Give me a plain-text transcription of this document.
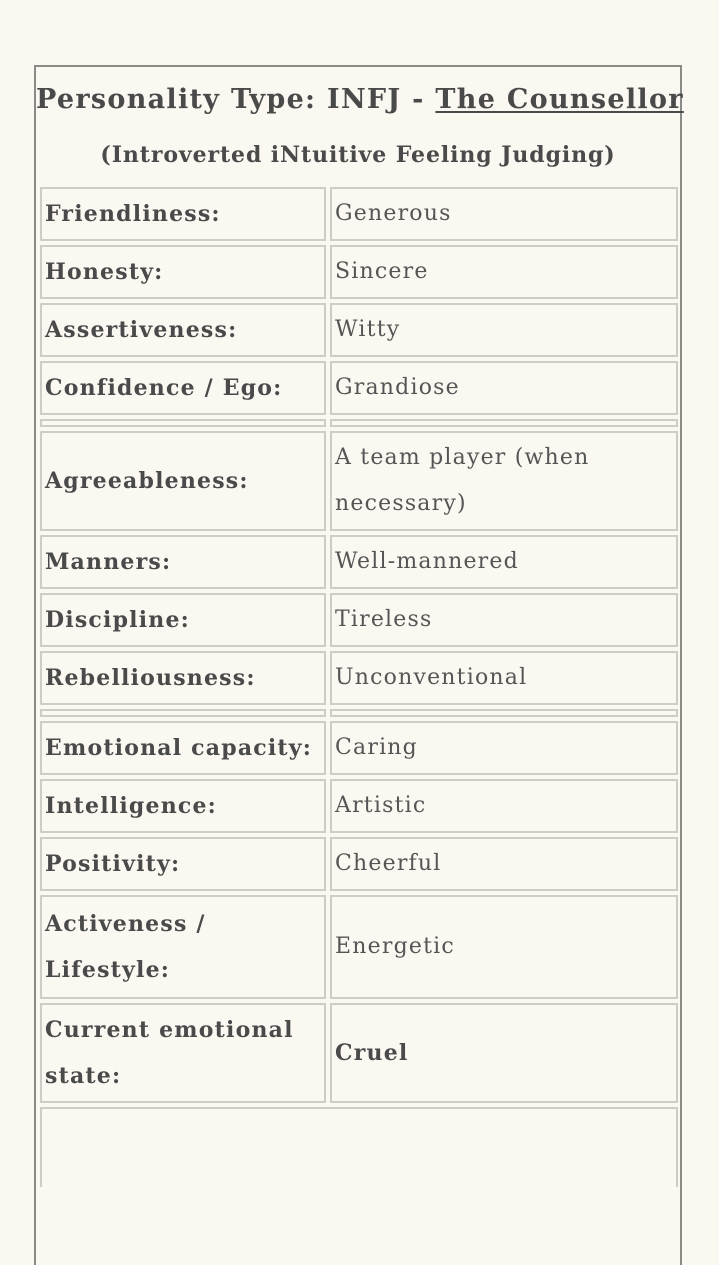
Personality Type: INFJ - The Counsellor
(Introverted iNtuitive Feeling Judging)
Friendliness:	Generous
Honesty:	Sincere
Assertiveness:	Witty
Confidence / Ego:	Grandiose
Agreeableness:
A team player (when necessary)
Manners:	Well-mannered
Discipline:	Tireless
Rebelliousness:	Unconventional
Emotional capacity:	Caring
Intelligence:	Artistic
Positivity:	Cheerful
Activeness / Lifestyle:
Energetic
Current emotional state:
Cruel
